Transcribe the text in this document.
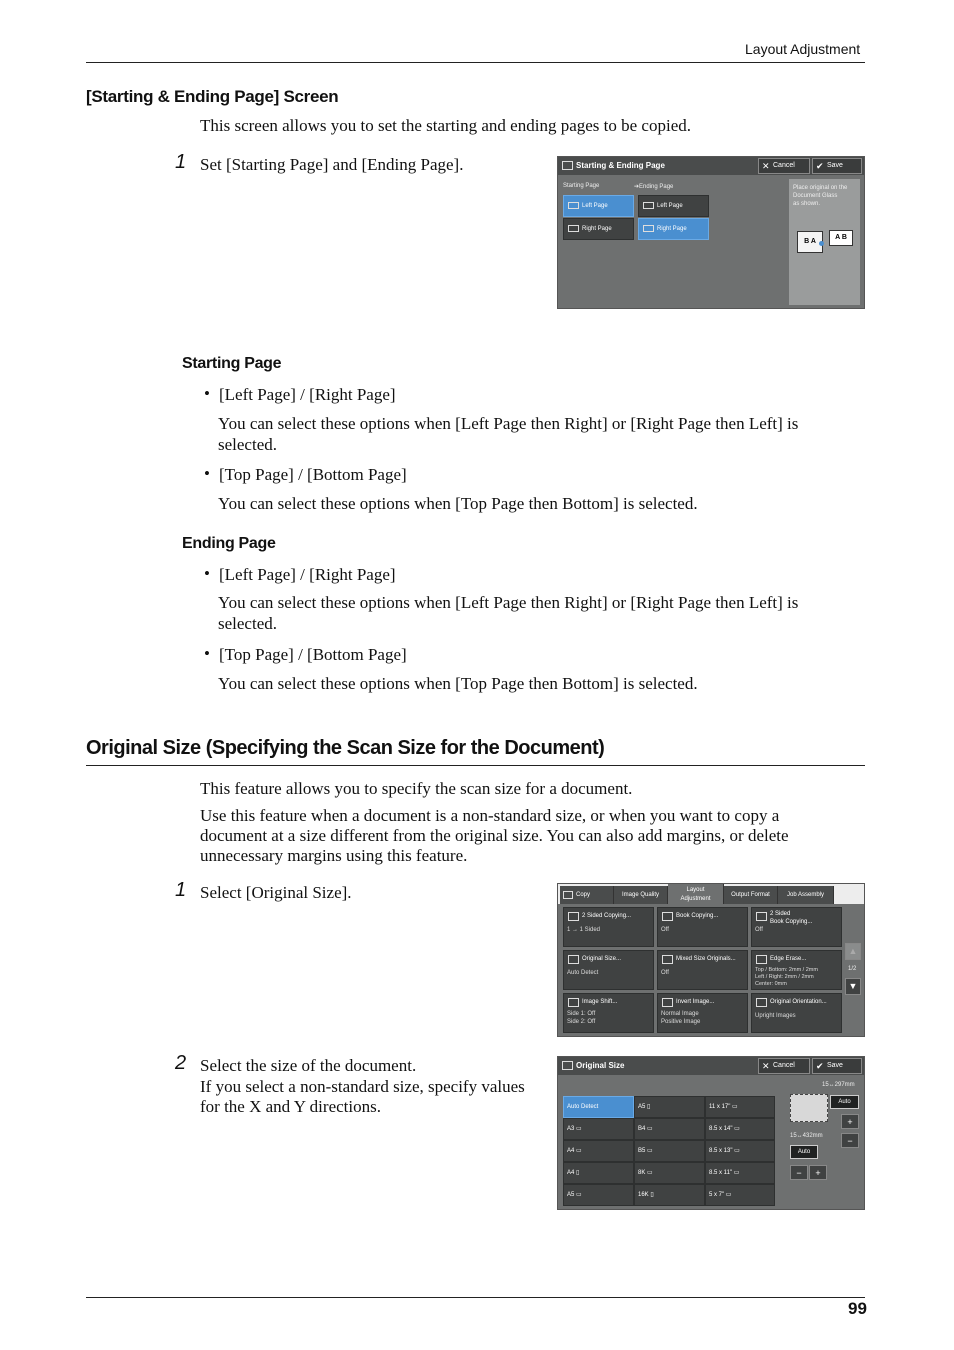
Layout Adjustment
[Starting & Ending Page] Screen
This screen allows you to set the starting and ending pages to be copied.
1 Set [Starting Page] and [Ending Page].	Starting & Ending Page	✕ Cancel	✔ Save
Starting Page	➔Ending Page
Left Page
Right Page
Left Page
Right Page
Place original on the
Document Glass
as shown.
B A
A B
Starting Page
• [Left Page] / [Right Page]
You can select these options when [Left Page then Right] or [Right Page then Left] is
selected.
• [Top Page] / [Bottom Page]
You can select these options when [Top Page then Bottom] is selected.
Ending Page
• [Left Page] / [Right Page]
You can select these options when [Left Page then Right] or [Right Page then Left] is
selected.
• [Top Page] / [Bottom Page]
You can select these options when [Top Page then Bottom] is selected.
Original Size (Specifying the Scan Size for the Document)
This feature allows you to specify the scan size for a document.
Use this feature when a document is a non-standard size, or when you want to copy a
document at a size different from the original size. You can also add margins, or delete
unnecessary margins using this feature.
1 Select [Original Size].	Copy	Image Quality
Layout
Adjustment
Output Format	Job Assembly
2 Sided Copying...
1 → 1 Sided
Book Copying...
Off
2 Sided
Book Copying...
Off
Original Size...
Auto Detect
Mixed Size Originals...
Off
Edge Erase...
Top / Bottom: 2mm / 2mm
Left / Right: 2mm / 2mm
Center: 0mm
Image Shift...
Side 1: Off
Side 2: Off
Invert Image...
Normal Image
Positive Image
Original Orientation...
Upright Images
▲
1/2
▼
2 Select the size of the document.
If you select a non-standard size, specify values
for the X and Y directions.
Original Size	✕ Cancel	✔ Save
Auto Detect
A3 ▭
A4 ▭
A4 ▯
A5 ▭
A5 ▯
B4 ▭
B5 ▭
8K ▭
16K ▯
11 x 17" ▭
8.5 x 14" ▭
8.5 x 13" ▭
8.5 x 11" ▭
5 x 7" ▭
15↔297mm
Auto
+
−
15↔432mm
Auto
−	+
99
